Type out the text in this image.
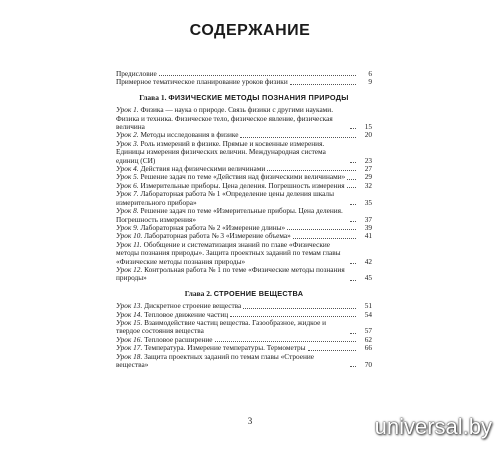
СОДЕРЖАНИЕ
Предисловие	6
Примерное тематическое планирование уроков физики	9
Глава 1. ФИЗИЧЕСКИЕ МЕТОДЫ ПОЗНАНИЯ ПРИРОДЫ
Урок 1. Физика — наука о природе. Связь физики с другими науками. Физика и техника. Физическое тело, физическое явление, физическая величина	15
Урок 2. Методы исследования в физике	20
Урок 3. Роль измерений в физике. Прямые и косвенные измерения. Единицы измерения физических величин. Международная система единиц (СИ)	23
Урок 4. Действия над физическими величинами	27
Урок 5. Решение задач по теме «Действия над физическими величинами»	29
Урок 6. Измерительные приборы. Цена деления. Погрешность измерения	32
Урок 7. Лабораторная работа № 1 «Определение цены деления шкалы измерительного прибора»	35
Урок 8. Решение задач по теме «Измерительные приборы. Цена деления. Погрешность измерения»	37
Урок 9. Лабораторная работа № 2 «Измерение длины»	39
Урок 10. Лабораторная работа № 3 «Измерение объема»	41
Урок 11. Обобщение и систематизация знаний по главе «Физические методы познания природы». Защита проектных заданий по темам главы «Физические методы познания природы»	42
Урок 12. Контрольная работа № 1 по теме «Физические методы познания природы»	45
Глава 2. СТРОЕНИЕ ВЕЩЕСТВА
Урок 13. Дискретное строение вещества	51
Урок 14. Тепловое движение частиц	54
Урок 15. Взаимодействие частиц вещества. Газообразное, жидкое и твердое состояния вещества	57
Урок 16. Тепловое расширение	62
Урок 17. Температура. Измерение температуры. Термометры	66
Урок 18. Защита проектных заданий по темам главы «Строение вещества»	70
3	universal.by
